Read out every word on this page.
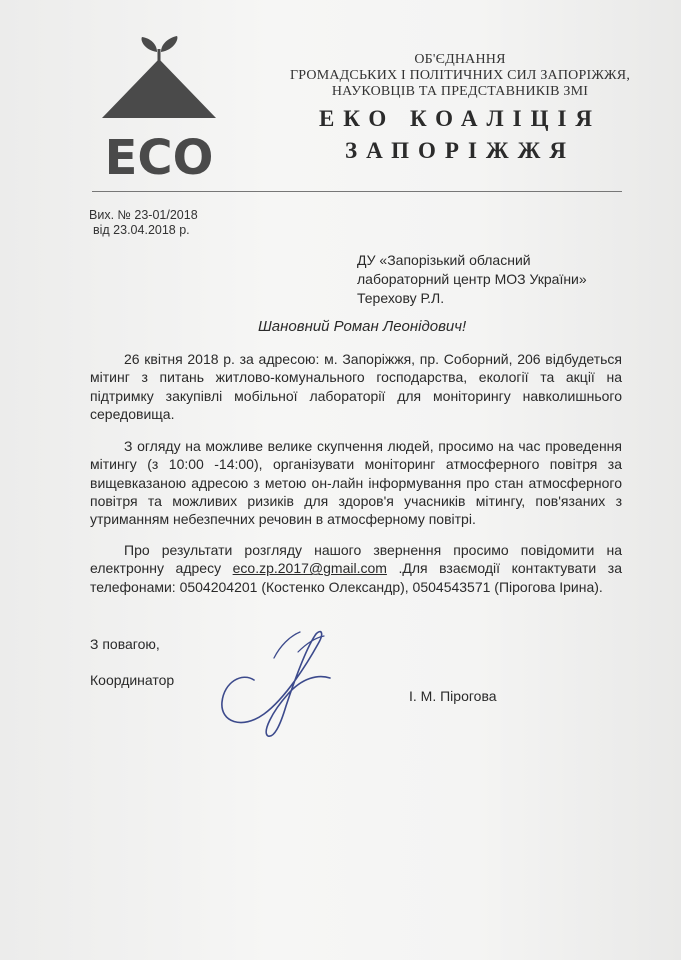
ECO
ОБ'ЄДНАННЯ
ГРОМАДСЬКИХ І ПОЛІТИЧНИХ СИЛ ЗАПОРІЖЖЯ,
НАУКОВЦІВ ТА ПРЕДСТАВНИКІВ ЗМІ
ЕКО КОАЛІЦІЯ
ЗАПОРІЖЖЯ
Вих. № 23-01/2018
від 23.04.2018 р.
ДУ «Запорізький обласний
лабораторний центр МОЗ України»
Терехову Р.Л.
Шановний Роман Леонідович!

26 квітня 2018 р. за адресою: м. Запоріжжя, пр. Соборний, 206 відбудеться мітинг з питань житлово-комунального господарства, екології та акції на підтримку закупівлі мобільної лабораторії для моніторингу навколишнього середовища.

З огляду на можливе велике скупчення людей, просимо на час проведення мітингу (з 10:00 -14:00), організувати моніторинг атмосферного повітря за вищевказаною адресою з метою он-лайн інформування про стан атмосферного повітря та можливих ризиків для здоров'я учасників мітингу, пов'язаних з утриманням небезпечних речовин в атмосферному повітрі.

Про результати розгляду нашого звернення просимо повідомити на електронну адресу eco.zp.2017@gmail.com .Для взаємодії контактувати за телефонами: 0504204201 (Костенко Олександр), 0504543571 (Пірогова Ірина).

З повагою,
Координатор
І. М. Пірогова
